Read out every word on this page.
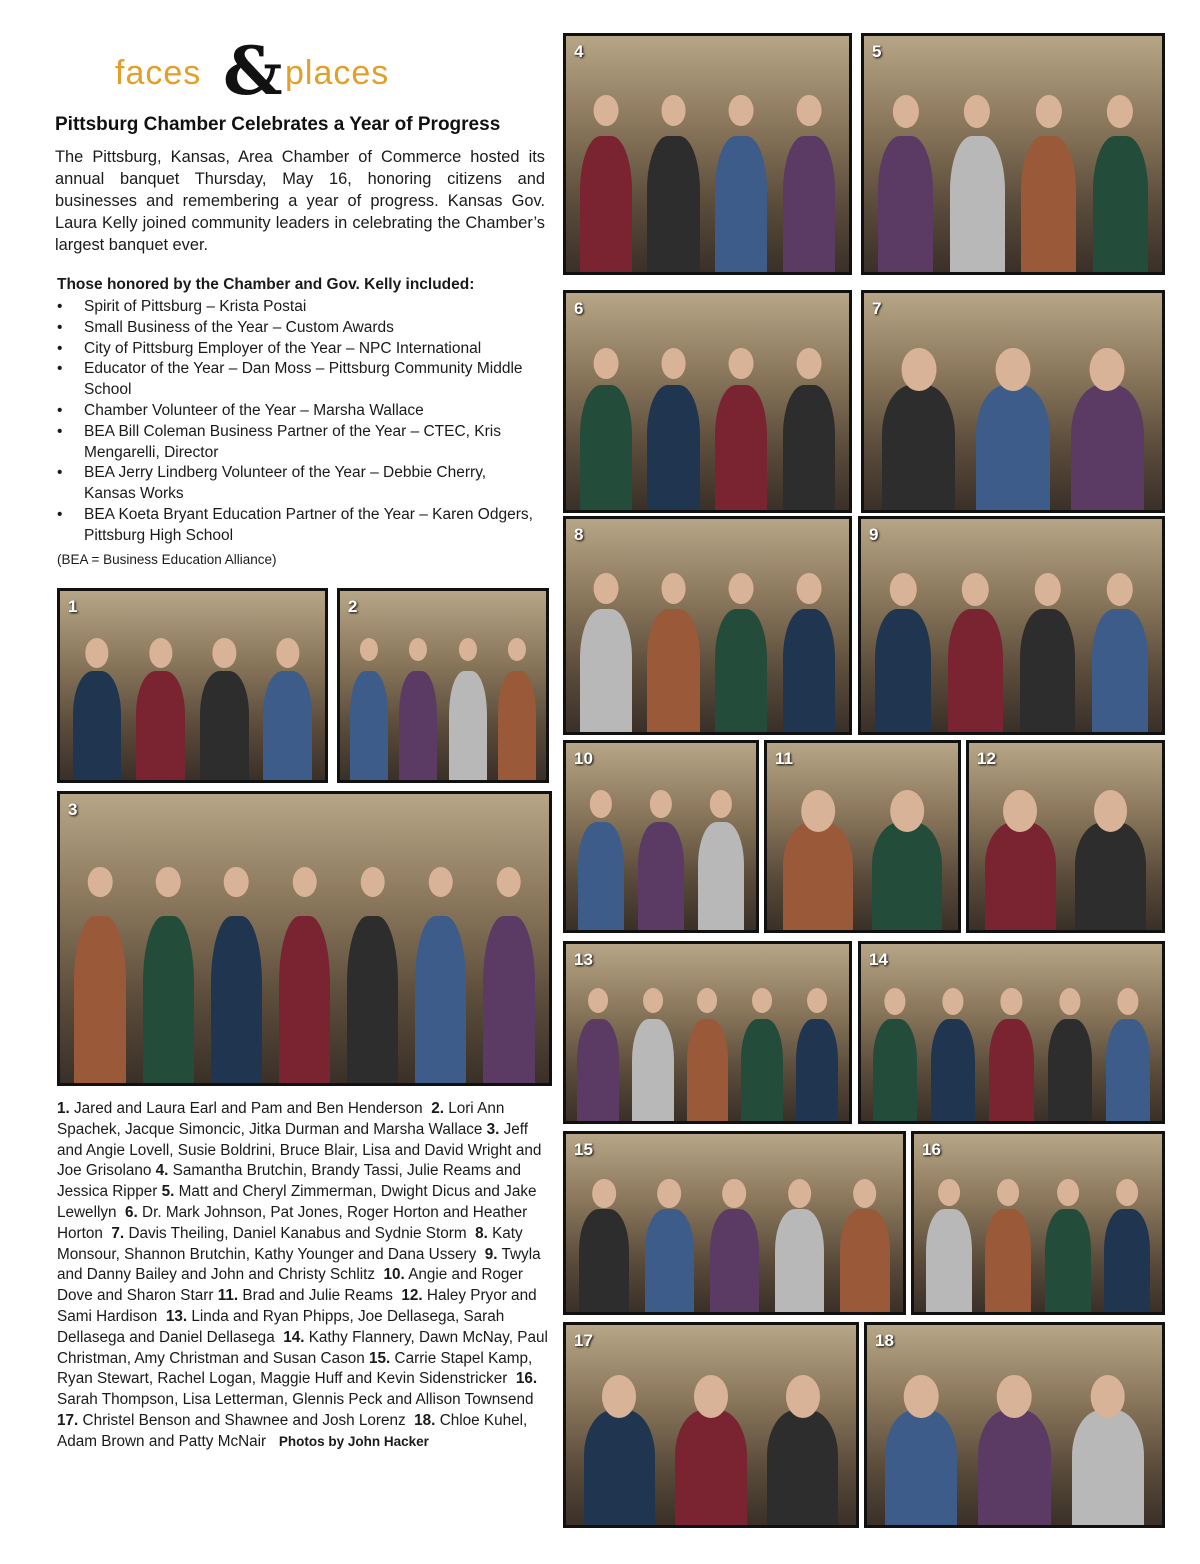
faces & places
Pittsburg Chamber Celebrates a Year of Progress

The Pittsburg, Kansas, Area Chamber of Commerce hosted its annual banquet Thursday, May 16, honoring citizens and businesses and remembering a year of progress. Kansas Gov. Laura Kelly joined community leaders in celebrating the Chamber’s largest banquet ever.

Those honored by the Chamber and Gov. Kelly included:

• Spirit of Pittsburg – Krista Postai
• Small Business of the Year – Custom Awards
• City of Pittsburg Employer of the Year – NPC International
• Educator of the Year – Dan Moss – Pittsburg Community Middle School
• Chamber Volunteer of the Year – Marsha Wallace
• BEA Bill Coleman Business Partner of the Year – CTEC, Kris Mengarelli, Director
• BEA Jerry Lindberg Volunteer of the Year – Debbie Cherry, Kansas Works
• BEA Koeta Bryant Education Partner of the Year – Karen Odgers, Pittsburg High School

(BEA = Business Education Alliance)

1	2
3
4	5
6	7
8	9
10	11	12
13	14
15	16
17	18

1. Jared and Laura Earl and Pam and Ben Henderson 2. Lori Ann Spachek, Jacque Simoncic, Jitka Durman and Marsha Wallace 3. Jeff and Angie Lovell, Susie Boldrini, Bruce Blair, Lisa and David Wright and Joe Grisolano 4. Samantha Brutchin, Brandy Tassi, Julie Reams and Jessica Ripper 5. Matt and Cheryl Zimmerman, Dwight Dicus and Jake Lewellyn 6. Dr. Mark Johnson, Pat Jones, Roger Horton and Heather Horton 7. Davis Theiling, Daniel Kanabus and Sydnie Storm 8. Katy Monsour, Shannon Brutchin, Kathy Younger and Dana Ussery 9. Twyla and Danny Bailey and John and Christy Schlitz 10. Angie and Roger Dove and Sharon Starr 11. Brad and Julie Reams 12. Haley Pryor and Sami Hardison 13. Linda and Ryan Phipps, Joe Dellasega, Sarah Dellasega and Daniel Dellasega 14. Kathy Flannery, Dawn McNay, Paul Christman, Amy Christman and Susan Cason 15. Carrie Stapel Kamp, Ryan Stewart, Rachel Logan, Maggie Huff and Kevin Sidenstricker 16. Sarah Thompson, Lisa Letterman, Glennis Peck and Allison Townsend  17. Christel Benson and Shawnee and Josh Lorenz 18. Chloe Kuhel, Adam Brown and Patty McNair Photos by John Hacker
